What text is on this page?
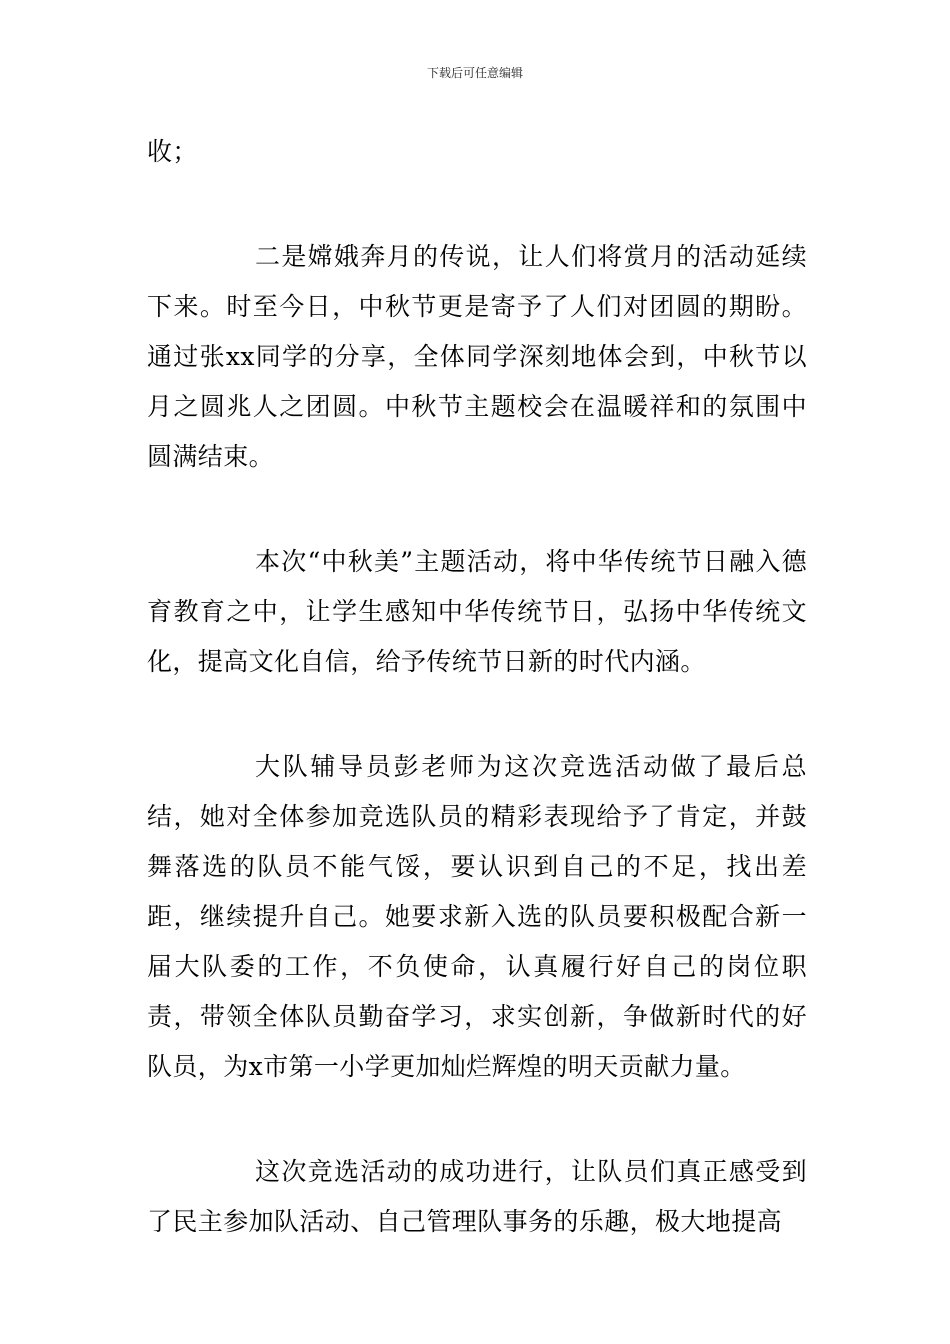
下载后可任意编辑

收；

二是嫦娥奔月的传说，让人们将赏月的活动延续下来。时至今日，中秋节更是寄予了人们对团圆的期盼。通过张xx同学的分享，全体同学深刻地体会到，中秋节以月之圆兆人之团圆。中秋节主题校会在温暖祥和的氛围中圆满结束。

本次“中秋美”主题活动，将中华传统节日融入德育教育之中，让学生感知中华传统节日，弘扬中华传统文化，提高文化自信，给予传统节日新的时代内涵。

大队辅导员彭老师为这次竞选活动做了最后总结，她对全体参加竞选队员的精彩表现给予了肯定，并鼓舞落选的队员不能气馁，要认识到自己的不足，找出差距，继续提升自己。她要求新入选的队员要积极配合新一届大队委的工作，不负使命，认真履行好自己的岗位职责，带领全体队员勤奋学习，求实创新，争做新时代的好队员，为x市第一小学更加灿烂辉煌的明天贡献力量。

这次竞选活动的成功进行，让队员们真正感受到了民主参加队活动、自己管理队事务的乐趣，极大地提高
